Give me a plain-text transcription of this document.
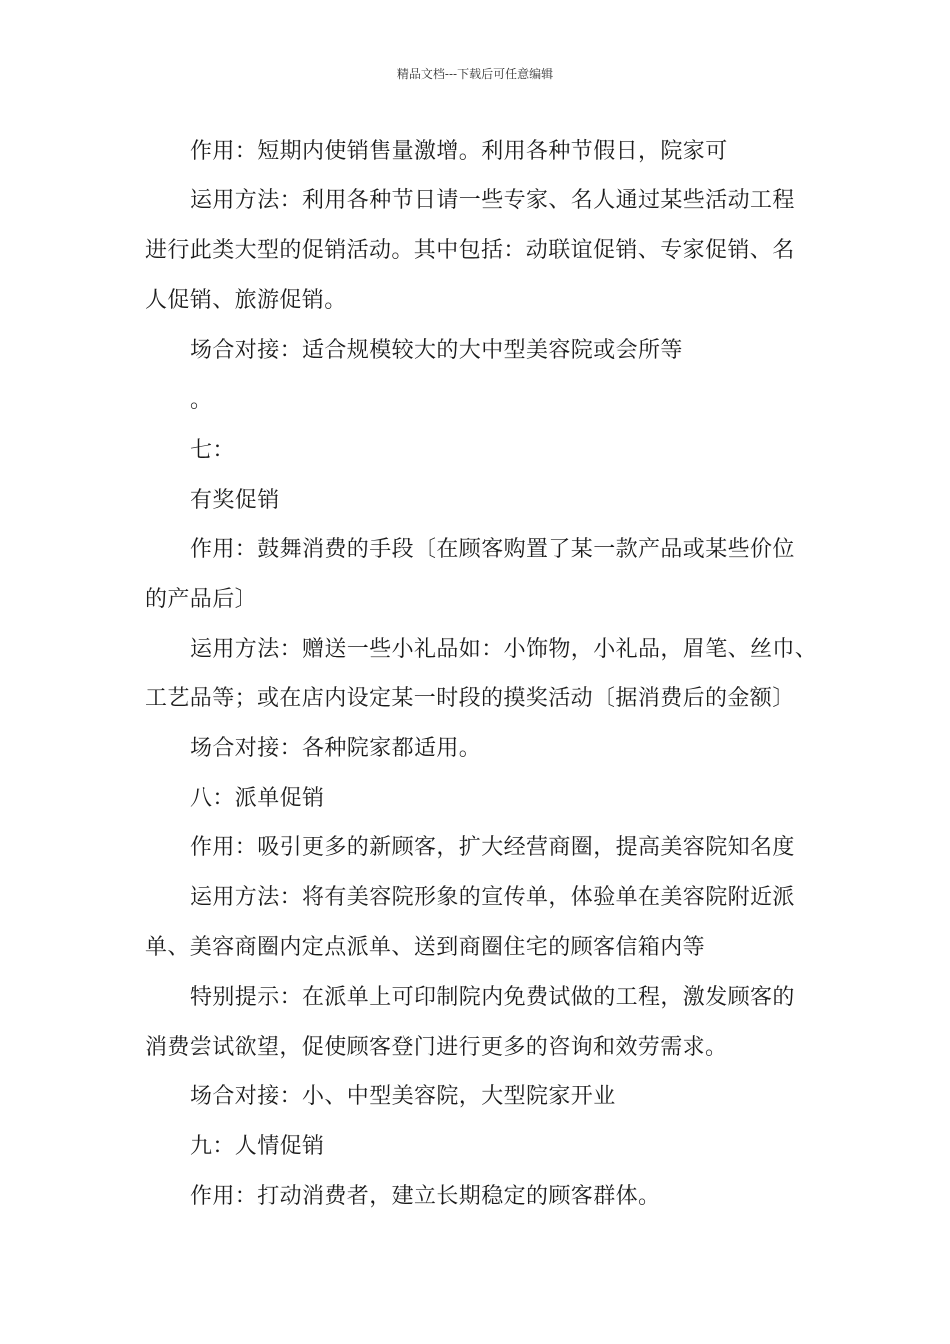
精品文档---下载后可任意编辑
作用：短期内使销售量激增。利用各种节假日，院家可
运用方法：利用各种节日请一些专家、名人通过某些活动工程
进行此类大型的促销活动。其中包括：动联谊促销、专家促销、名
人促销、旅游促销。
场合对接：适合规模较大的大中型美容院或会所等
。
七：
有奖促销
作用：鼓舞消费的手段〔在顾客购置了某一款产品或某些价位
的产品后〕
运用方法：赠送一些小礼品如：小饰物，小礼品，眉笔、丝巾、
工艺品等；或在店内设定某一时段的摸奖活动〔据消费后的金额〕
场合对接：各种院家都适用。
八：派单促销
作用：吸引更多的新顾客，扩大经营商圈，提高美容院知名度
运用方法：将有美容院形象的宣传单，体验单在美容院附近派
单、美容商圈内定点派单、送到商圈住宅的顾客信箱内等
特别提示：在派单上可印制院内免费试做的工程，激发顾客的
消费尝试欲望，促使顾客登门进行更多的咨询和效劳需求。
场合对接：小、中型美容院，大型院家开业
九：人情促销
作用：打动消费者，建立长期稳定的顾客群体。
